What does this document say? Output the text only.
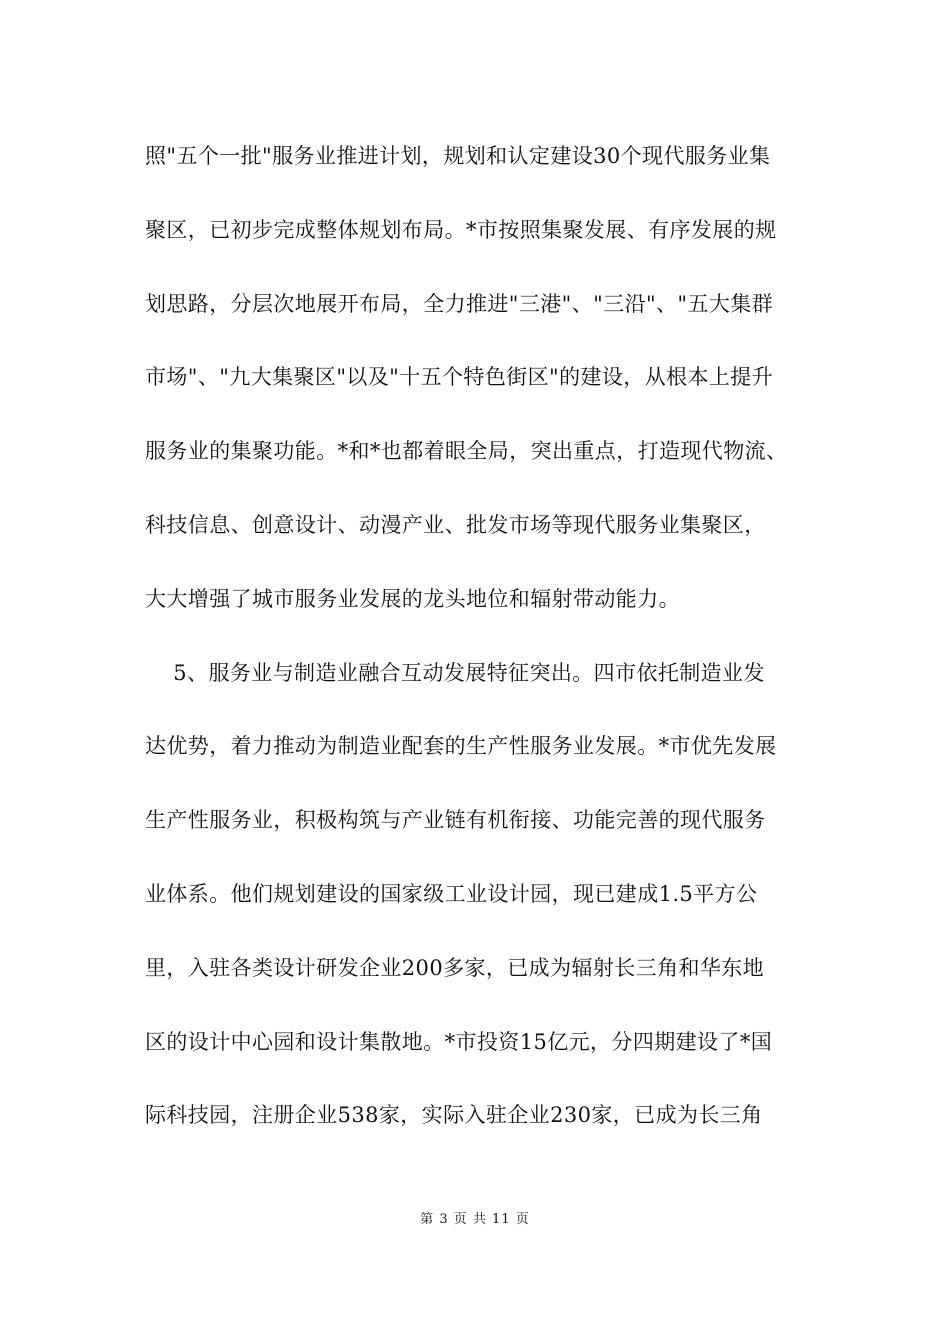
照"五个一批"服务业推进计划，规划和认定建设30个现代服务业集
聚区，已初步完成整体规划布局。*市按照集聚发展、有序发展的规
划思路，分层次地展开布局，全力推进"三港"、"三沿"、"五大集群
市场"、"九大集聚区"以及"十五个特色街区"的建设，从根本上提升
服务业的集聚功能。*和*也都着眼全局，突出重点，打造现代物流、
科技信息、创意设计、动漫产业、批发市场等现代服务业集聚区，
大大增强了城市服务业发展的龙头地位和辐射带动能力。
5、服务业与制造业融合互动发展特征突出。四市依托制造业发
达优势，着力推动为制造业配套的生产性服务业发展。*市优先发展
生产性服务业，积极构筑与产业链有机衔接、功能完善的现代服务
业体系。他们规划建设的国家级工业设计园，现已建成1.5平方公
里，入驻各类设计研发企业200多家，已成为辐射长三角和华东地
区的设计中心园和设计集散地。*市投资15亿元，分四期建设了*国
际科技园，注册企业538家，实际入驻企业230家，已成为长三角
第 3 页 共 11 页
